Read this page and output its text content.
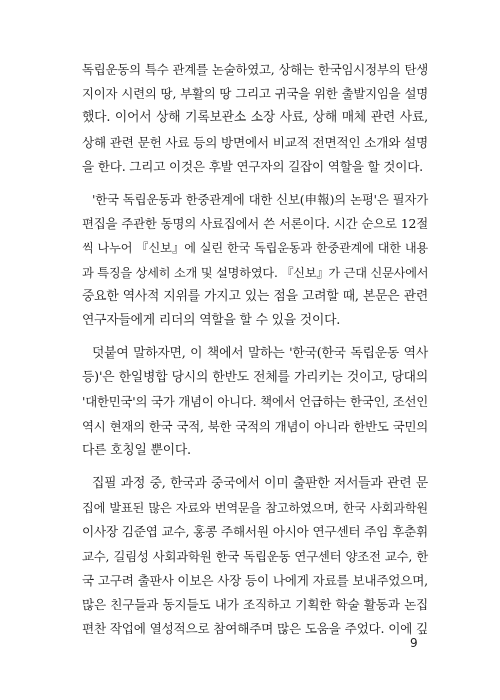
독립운동의 특수 관계를 논술하였고, 상해는 한국임시정부의 탄생
지이자 시련의 땅, 부활의 땅 그리고 귀국을 위한 출발지임을 설명
했다. 이어서 상해 기록보관소 소장 사료, 상해 매체 관련 사료,
상해 관련 문헌 사료 등의 방면에서 비교적 전면적인 소개와 설명
을 한다. 그리고 이것은 후발 연구자의 길잡이 역할을 할 것이다.
'한국 독립운동과 한중관계에 대한 신보(申報)의 논평'은 필자가
편집을 주관한 동명의 사료집에서 쓴 서론이다. 시간 순으로 12절
씩 나누어 『신보』에 실린 한국 독립운동과 한중관계에 대한 내용
과 특징을 상세히 소개 및 설명하였다. 『신보』가 근대 신문사에서
중요한 역사적 지위를 가지고 있는 점을 고려할 때, 본문은 관련
연구자들에게 리더의 역할을 할 수 있을 것이다.
덧붙여 말하자면, 이 책에서 말하는 '한국(한국 독립운동 역사
등)'은 한일병합 당시의 한반도 전체를 가리키는 것이고, 당대의
'대한민국'의 국가 개념이 아니다. 책에서 언급하는 한국인, 조선인
역시 현재의 한국 국적, 북한 국적의 개념이 아니라 한반도 국민의
다른 호칭일 뿐이다.
집필 과정 중, 한국과 중국에서 이미 출판한 저서들과 관련 문
집에 발표된 많은 자료와 번역문을 참고하였으며, 한국 사회과학원
이사장 김준엽 교수, 홍콩 주해서원 아시아 연구센터 주임 후춘휘
교수, 길림성 사회과학원 한국 독립운동 연구센터 양조전 교수, 한
국 고구려 출판사 이보은 사장 등이 나에게 자료를 보내주었으며,
많은 친구들과 동지들도 내가 조직하고 기획한 학술 활동과 논집
편찬 작업에 열성적으로 참여해주며 많은 도움을 주었다. 이에 깊
9
